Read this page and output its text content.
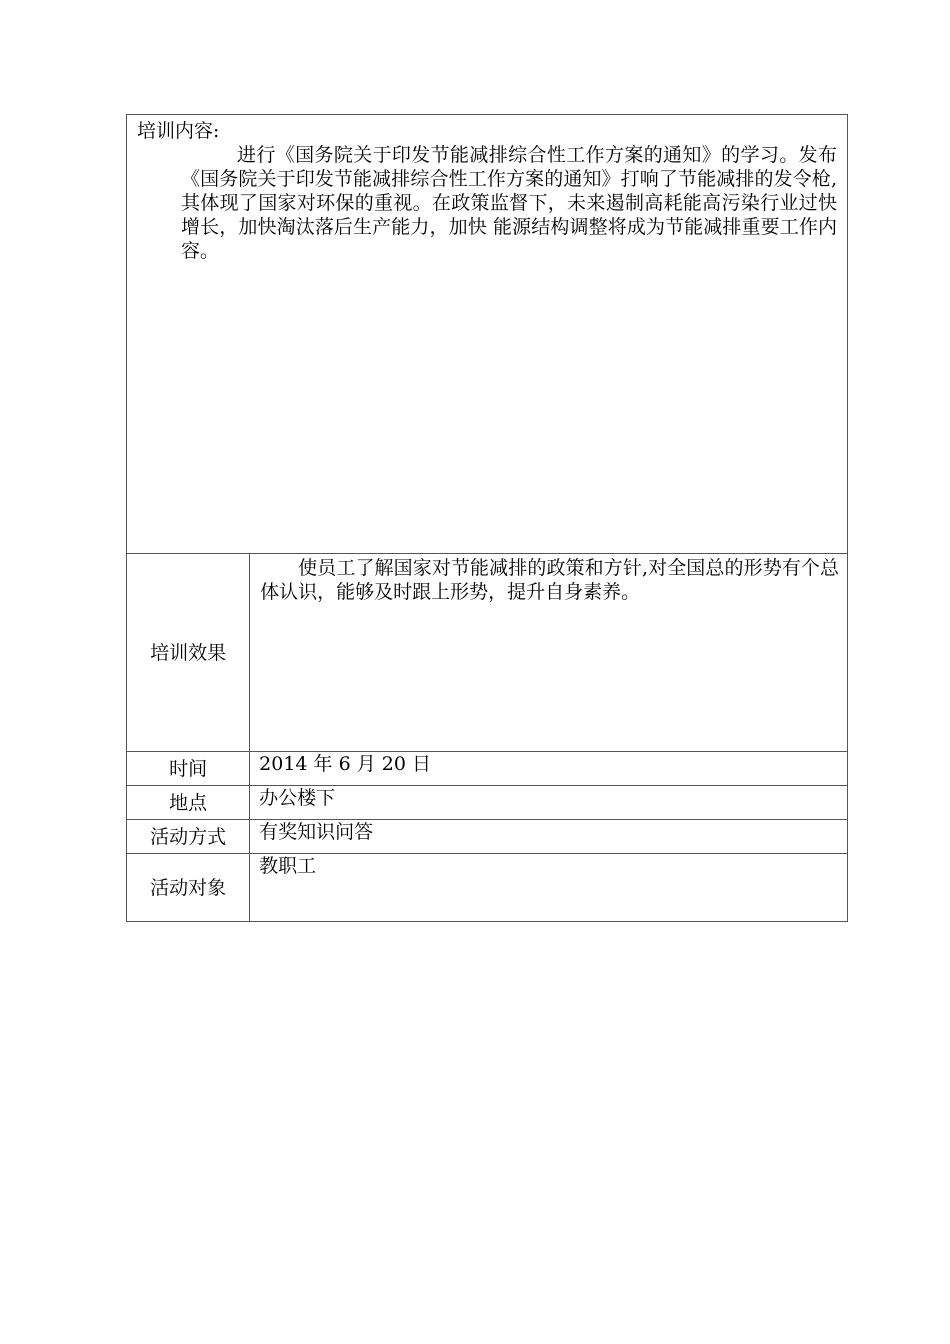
培训内容:
进行《国务院关于印发节能减排综合性工作方案的通知》的学习。发布《国务院关于印发节能减排综合性工作方案的通知》打响了节能减排的发令枪, 其体现了国家对环保的重视。在政策监督下，未来遏制高耗能高污染行业过快增长，加快淘汰落后生产能力，加快 能源结构调整将成为节能减排重要工作内容。	

培训效果	使员工了解国家对节能减排的政策和方针,对全国总的形势有个总体认识，能够及时跟上形势，提升自身素养。

时间	2014 年 6 月 20 日
地点	办公楼下
活动方式	有奖知识问答
活动对象	教职工
